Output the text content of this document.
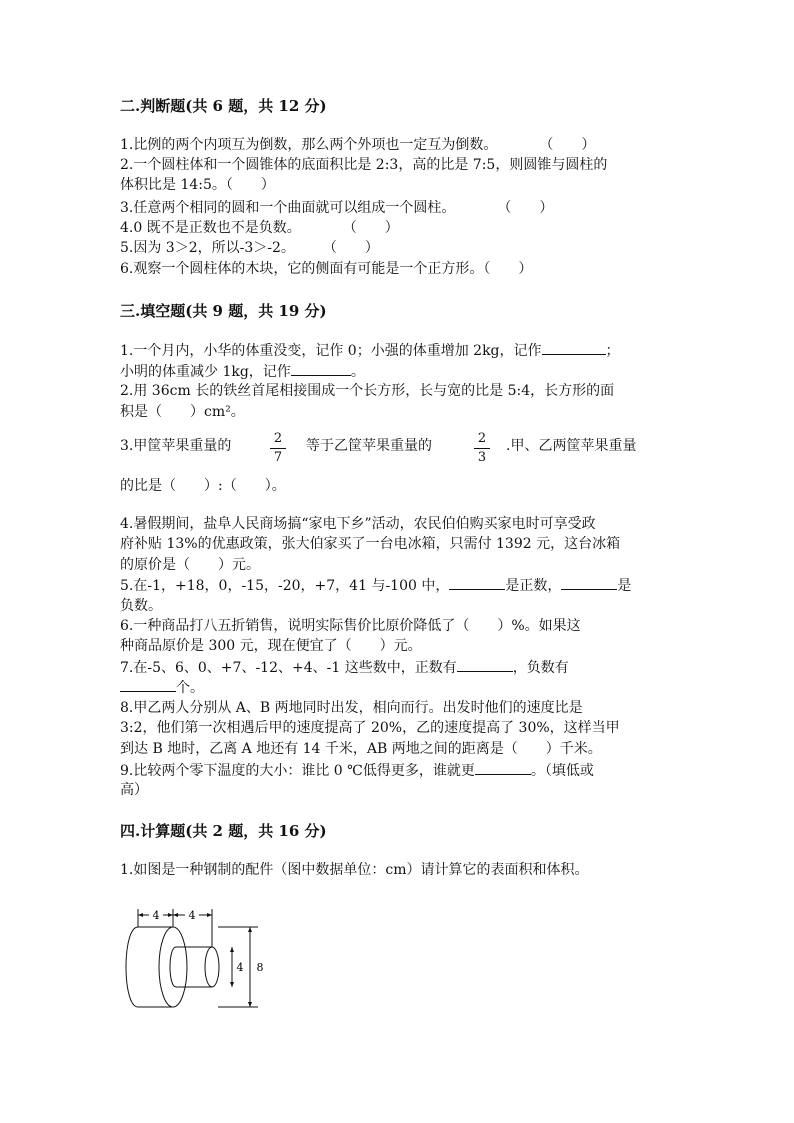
二.判断题(共 6 题，共 12 分)
1.比例的两个内项互为倒数，那么两个外项也一定互为倒数。　　　　（　　）
2.一个圆柱体和一个圆锥体的底面积比是 2:3，高的比是 7:5，则圆锥与圆柱的
体积比是 14:5。（　　）
3.任意两个相同的圆和一个曲面就可以组成一个圆柱。　　　　（　　）
4.0 既不是正数也不是负数。　　　　（　　）
5.因为 3＞2，所以-3＞-2。　　　（　　）
6.观察一个圆柱体的木块，它的侧面有可能是一个正方形。（　　）
三.填空题(共 9 题，共 19 分)
1.一个月内，小华的体重没变，记作 0；小强的体重增加 2kg，记作	；
小明的体重减少 1kg，记作	。
2.用 36cm 长的铁丝首尾相接围成一个长方形，长与宽的比是 5:4，长方形的面
积是（　　）cm²。
3.甲筐苹果重量的	2
7
等于乙筐苹果重量的	2
3
.甲、乙两筐苹果重量
的比是（　　）:（　　）。
4.暑假期间，盐阜人民商场搞“家电下乡”活动，农民伯伯购买家电时可享受政
府补贴 13%的优惠政策，张大伯家买了一台电冰箱，只需付 1392 元，这台冰箱
的原价是（　　）元。
5.在-1，+18，0，-15，-20，+7，41 与-100 中，	是正数，	是
负数。
6.一种商品打八五折销售，说明实际售价比原价降低了（　　）%。如果这
种商品原价是 300 元，现在便宜了（　　）元。
7.在-5、6、0、+7、-12、+4、-1 这些数中，正数有	，负数有
个。
8.甲乙两人分别从 A、B 两地同时出发，相向而行。出发时他们的速度比是
3:2，他们第一次相遇后甲的速度提高了 20%，乙的速度提高了 30%，这样当甲
到达 B 地时，乙离 A 地还有 14 千米，AB 两地之间的距离是（　　）千米。
9.比较两个零下温度的大小：谁比 0 ℃低得更多，谁就更	。（填低或
高）
四.计算题(共 2 题，共 16 分)
1.如图是一种钢制的配件（图中数据单位：cm）请计算它的表面积和体积。
4	4
4 8
